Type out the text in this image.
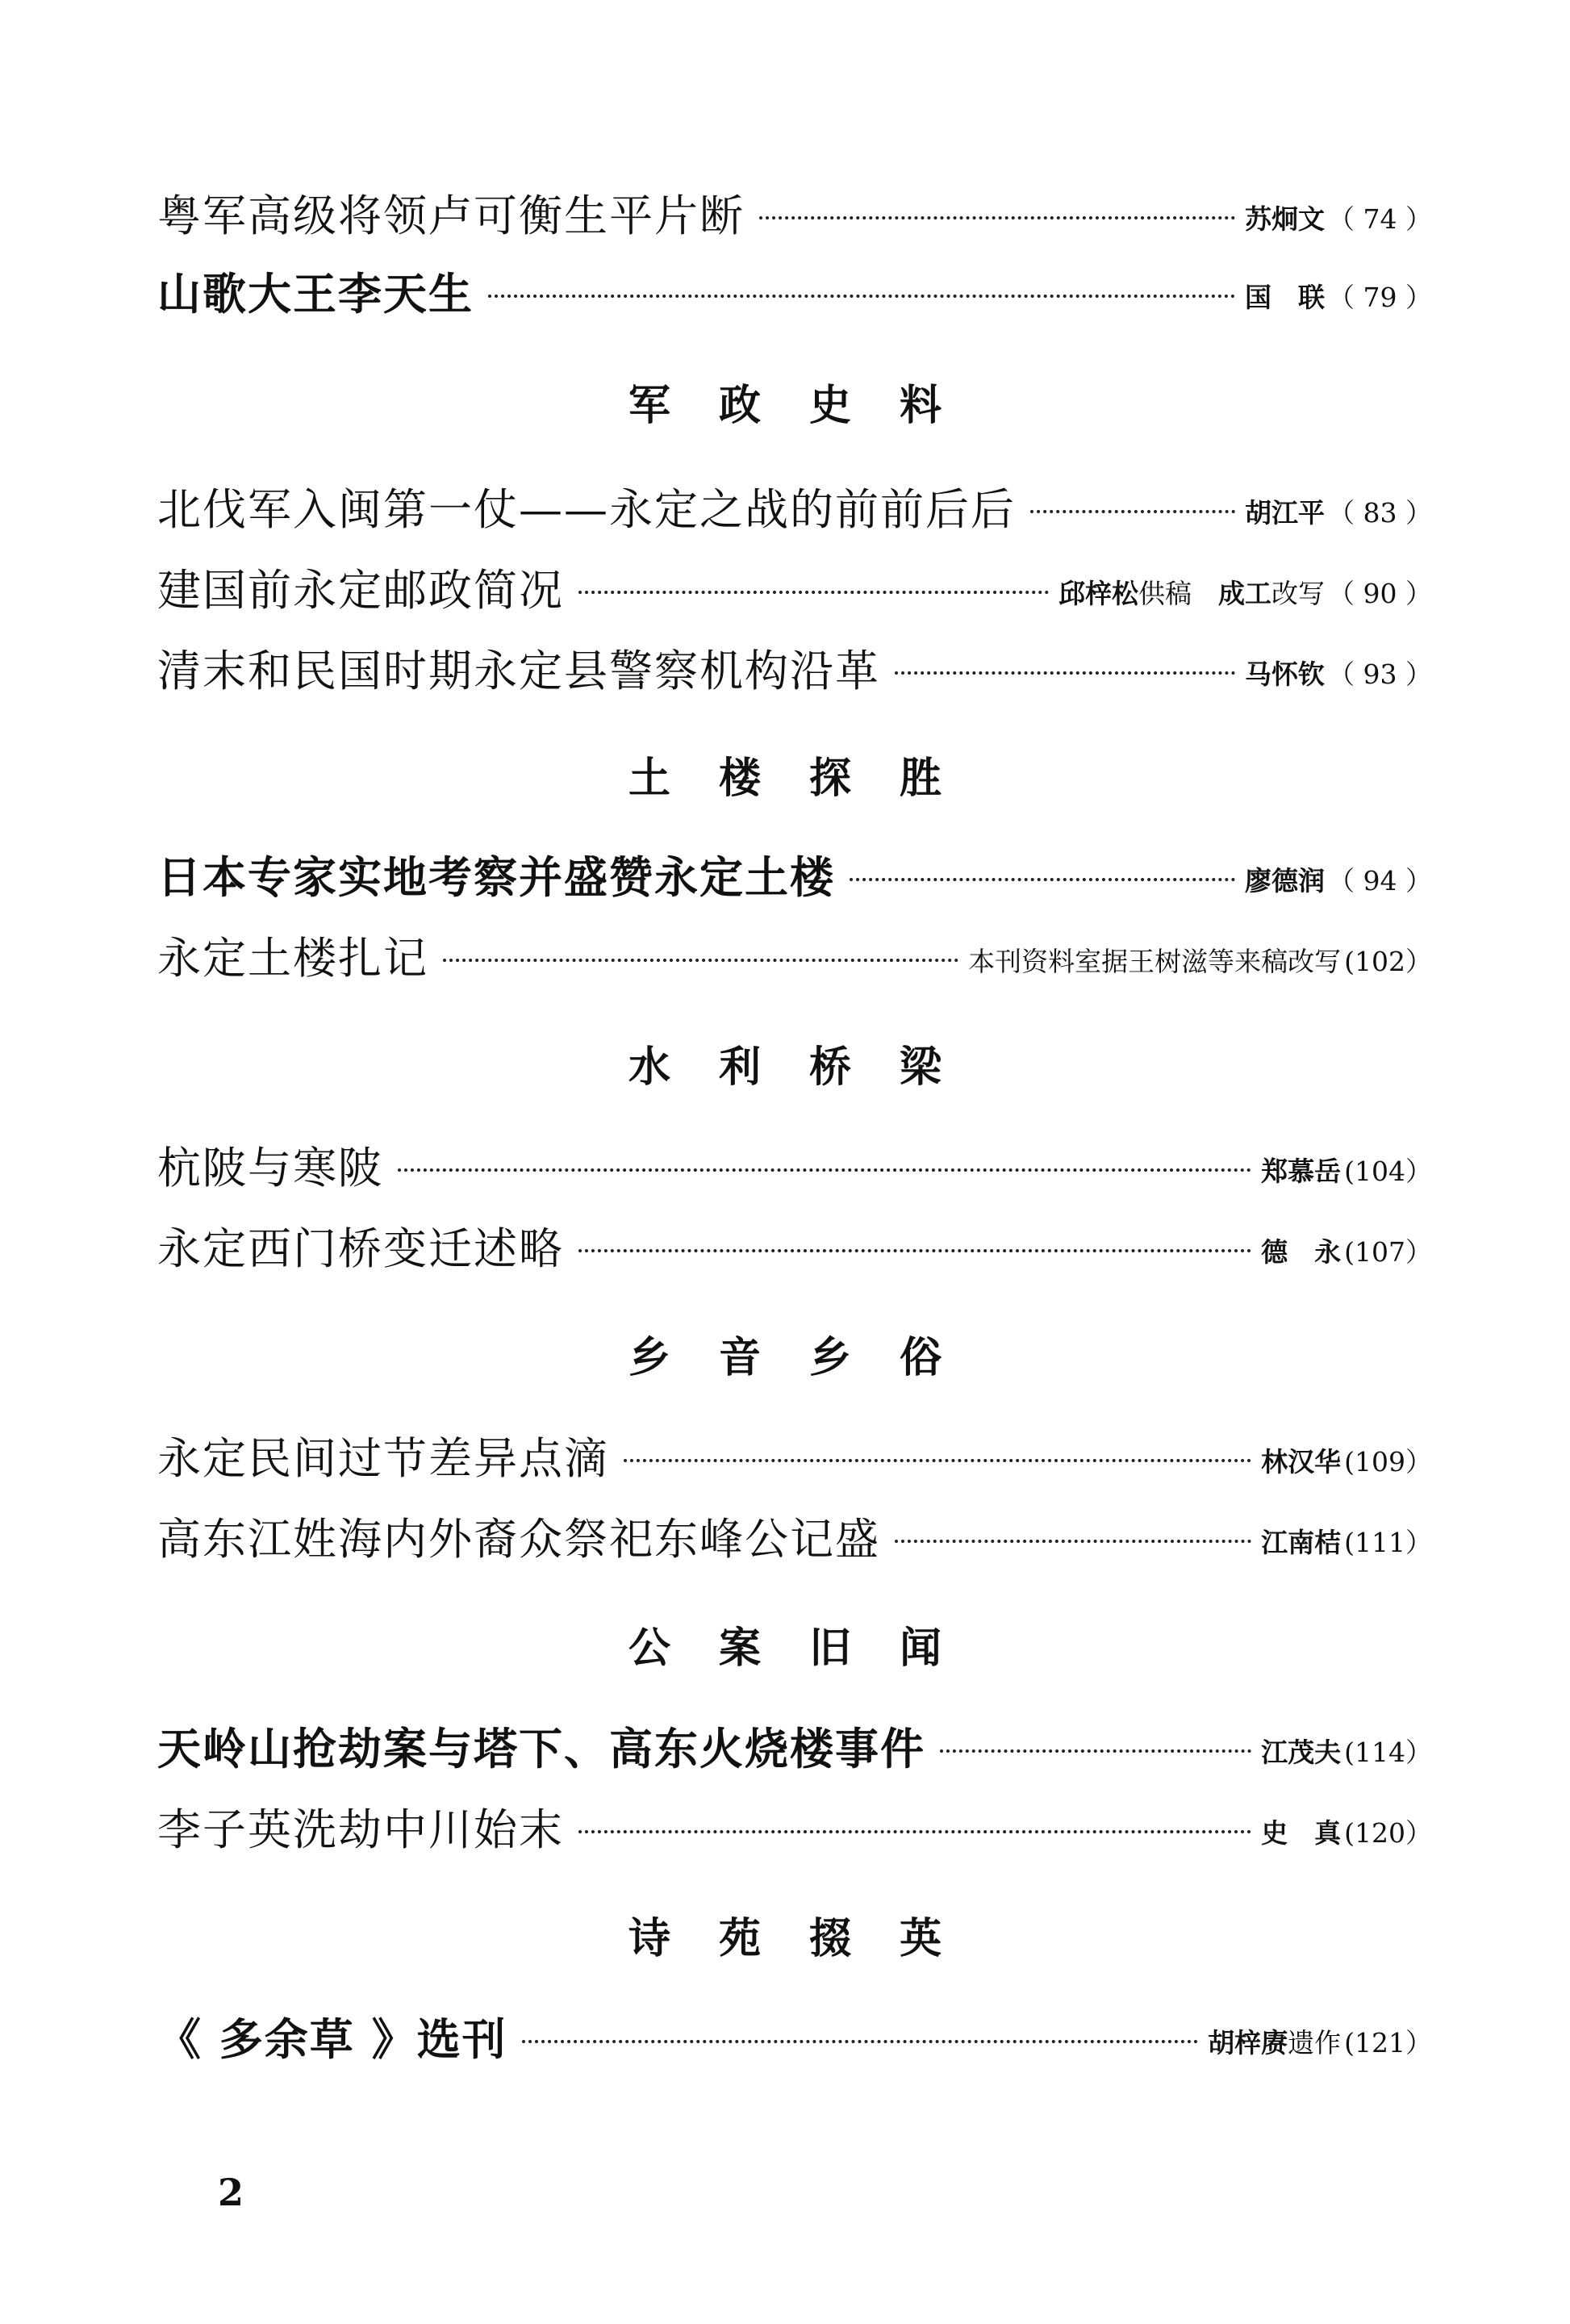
粤军高级将领卢可衡生平片断	苏炯文 （ 74 ）
山歌大王李天生	国　联 （ 79 ）
军政史料
北伐军入闽第一仗——永定之战的前前后后	胡江平 （ 83 ）
建国前永定邮政简况	邱梓松供稿　成工改写 （ 90 ）
清末和民国时期永定县警察机构沿革	马怀钦 （ 93 ）
土楼探胜
日本专家实地考察并盛赞永定土楼	廖德润 （ 94 ）
永定土楼扎记	本刊资料室据王树滋等来稿改写 (102）
水利桥梁
杭陂与寒陂	郑慕岳 (104）
永定西门桥变迁述略	德　永 (107）
乡音乡俗
永定民间过节差异点滴	林汉华 (109）
高东江姓海内外裔众祭祀东峰公记盛	江南桔 (111）
公案旧闻
天岭山抢劫案与塔下、高东火烧楼事件	江茂夫 (114）
李子英洗劫中川始末	史　真 (120）
诗苑掇英
《 多余草 》选刊	胡梓赓遗作 (121）
2
